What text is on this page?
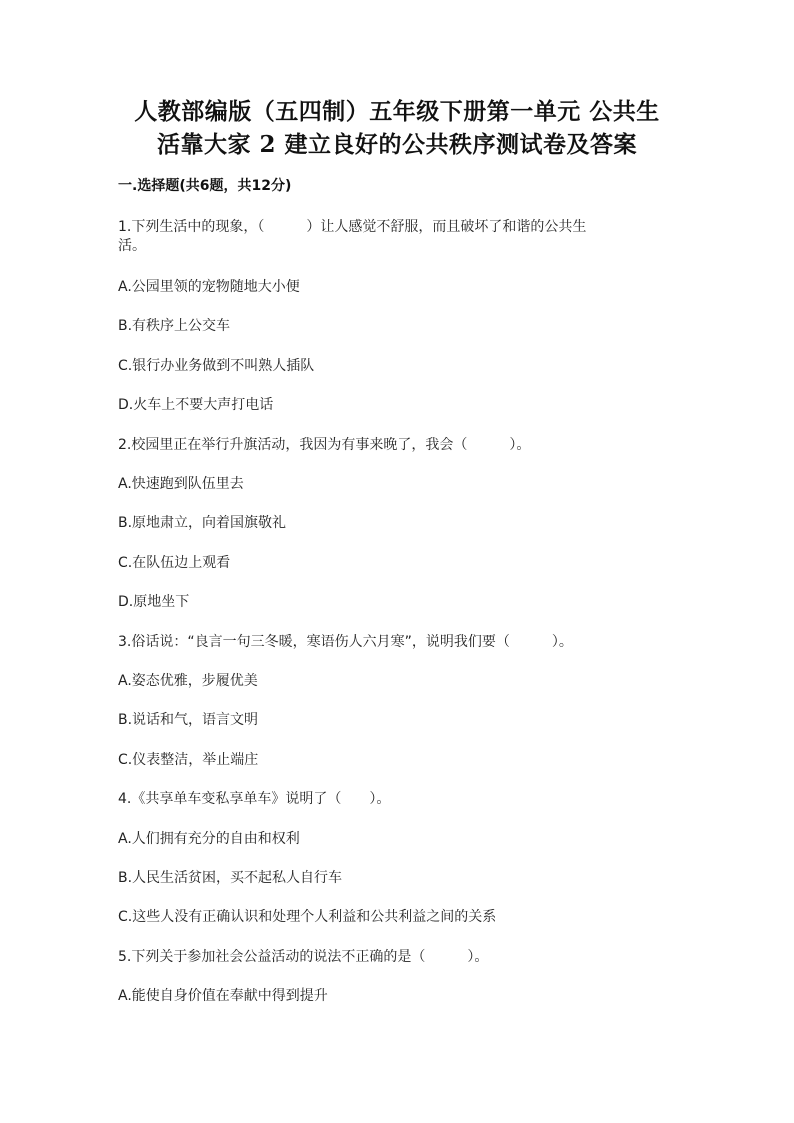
人教部编版（五四制）五年级下册第一单元 公共生
活靠大家 2 建立良好的公共秩序测试卷及答案
一.选择题(共6题，共12分)
1.下列生活中的现象，（　　　）让人感觉不舒服，而且破坏了和谐的公共生
活。
A.公园里领的宠物随地大小便
B.有秩序上公交车
C.银行办业务做到不叫熟人插队
D.火车上不要大声打电话
2.校园里正在举行升旗活动，我因为有事来晚了，我会（　　　）。
A.快速跑到队伍里去
B.原地肃立，向着国旗敬礼
C.在队伍边上观看
D.原地坐下
3.俗话说：“良言一句三冬暖，寒语伤人六月寒”，说明我们要（　　　）。
A.姿态优雅，步履优美
B.说话和气，语言文明
C.仪表整洁，举止端庄
4.《共享单车变私享单车》说明了（　　）。
A.人们拥有充分的自由和权利
B.人民生活贫困，买不起私人自行车
C.这些人没有正确认识和处理个人利益和公共利益之间的关系
5.下列关于参加社会公益活动的说法不正确的是（　　　）。
A.能使自身价值在奉献中得到提升
